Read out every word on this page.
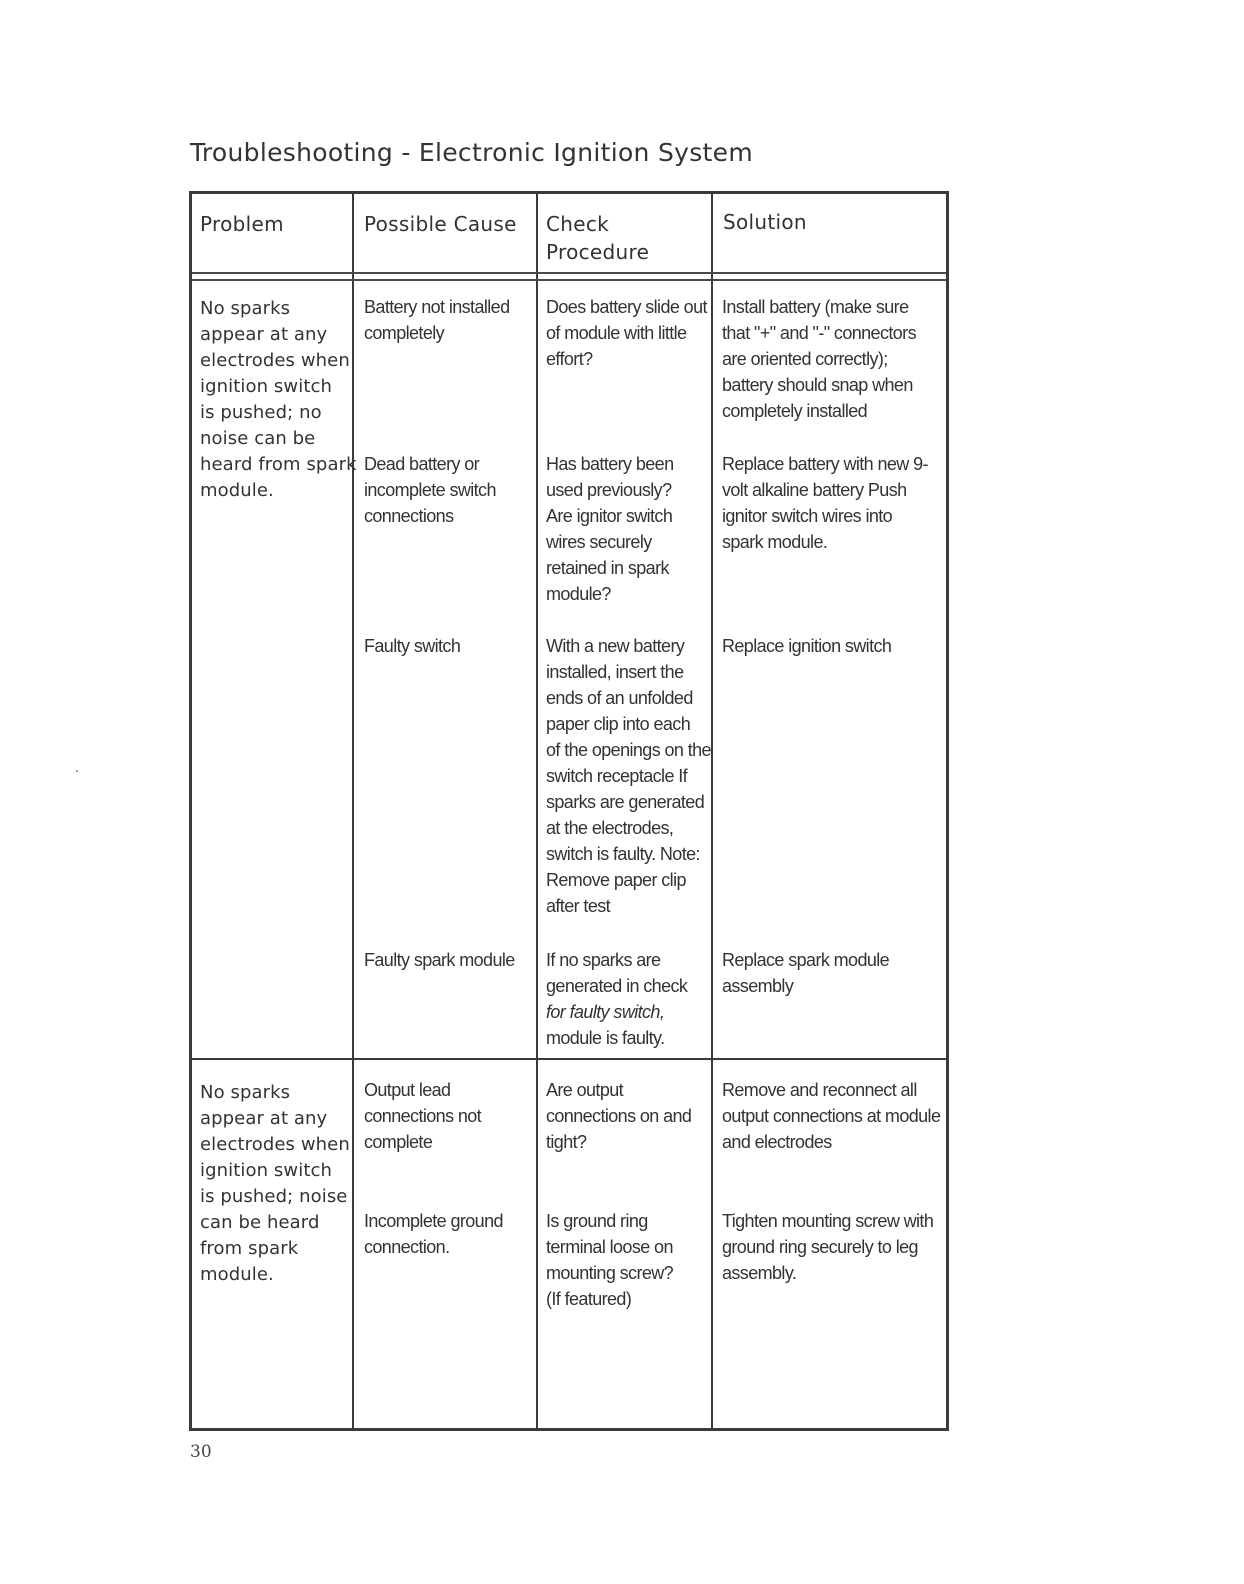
Troubleshooting - Electronic Ignition System
Problem	Possible Cause Check
Procedure
Solution
No sparks
appear at any
electrodes when
ignition switch
is pushed; no
noise can be
heard from spark
module.
No sparks
appear at any
electrodes when
ignition switch
is pushed; noise
can be heard
from spark
module.
Battery not installed
completely
Does battery slide out
of module with little
effort?
Install battery (make sure
that "+" and "-" connectors
are oriented correctly);
battery should snap when
completely installed
Dead battery or
incomplete switch
connections
Has battery been
used previously?
Are ignitor switch
wires securely
retained in spark
module?
Replace battery with new 9-
volt alkaline battery Push
ignitor switch wires into
spark module.
Faulty switch	With a new battery
installed, insert the
ends of an unfolded
paper clip into each
of the openings on the
switch receptacle If
sparks are generated
at the electrodes,
switch is faulty. Note:
Remove paper clip
after test
Replace ignition switch
Faulty spark module If no sparks are
generated in check
for faulty switch,
module is faulty.
Replace spark module
assembly
Output lead
connections not
complete
Are output
connections on and
tight?
Remove and reconnect all
output connections at module
and electrodes
Incomplete ground
connection.
Is ground ring
terminal loose on
mounting screw?
(If featured)
Tighten mounting screw with
ground ring securely to leg
assembly.
30
